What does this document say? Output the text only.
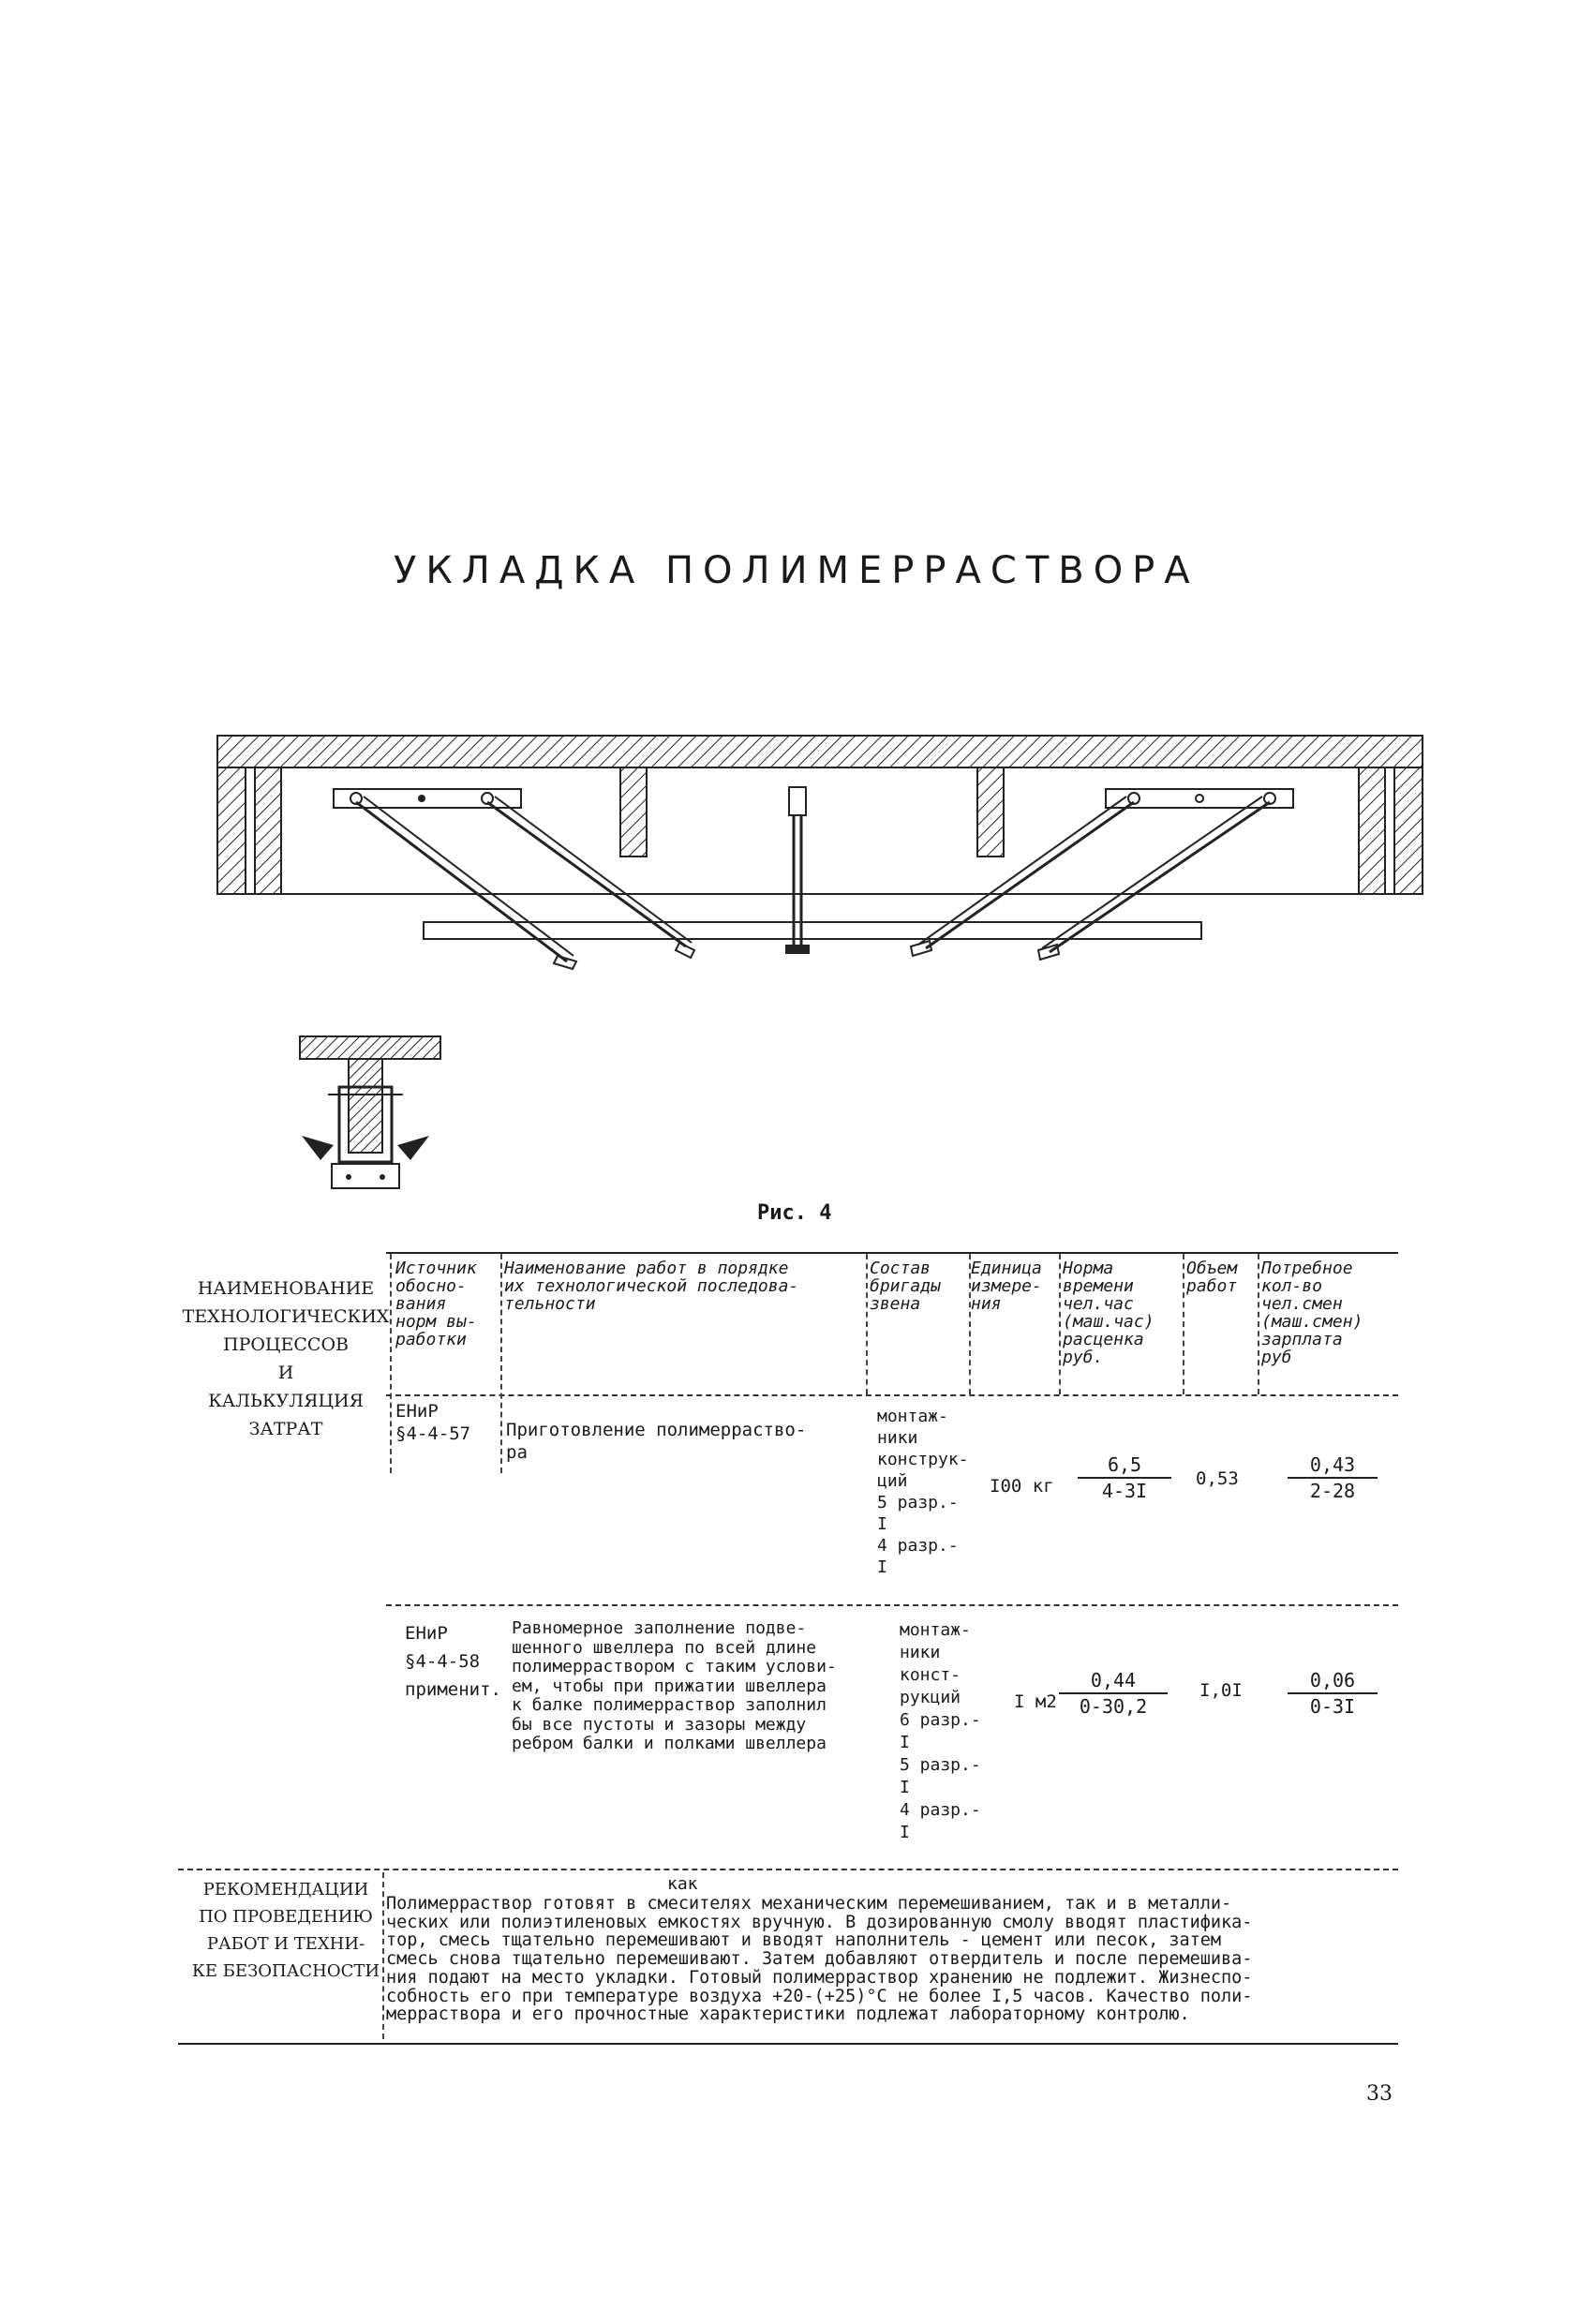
УКЛАДКА ПОЛИМЕРРАСТВОРА
Рис. 4
НАИМЕНОВАНИЕ
ТЕХНОЛОГИЧЕСКИХ
ПРОЦЕССОВ
И
КАЛЬКУЛЯЦИЯ
ЗАТРАТ
Источник
обосно-
вания
норм вы-
работки
Наименование работ в порядке
их технологической последова-
тельности
Состав
бригады
звена
Единица
измере-
ния
Норма
времени
чел.час
(маш.час)
расценка
руб.
Объем
работ
Потребное
кол-во
чел.смен
(маш.смен)
зарплата
руб
ЕНиР
§4-4-57	Приготовление полимерраство-
ра
монтаж-
ники
конструк-
ций
5 разр.-
I
4 разр.-
I
I00 кг $\frac{6,5}{4-3I} 0,53$	$\frac{0,43}{2-28}$
ЕНиР
§4-4-58
применит.
Равномерное заполнение подве-
шенного швеллера по всей длине
полимерраствором с таким услови-
ем, чтобы при прижатии швеллера
к балке полимерраствор заполнил
бы все пустоты и зазоры между
ребром балки и полками швеллера
монтаж-
ники
конст-
рукций
6 разр.-
I
5 разр.-
I
4 разр.-
I
I $м2 \frac{0,44}{0-30,2} I,0I \frac{0,06}{0-3I}$
РЕКОМЕНДАЦИИ
ПО ПРОВЕДЕНИЮ
РАБОТ И ТЕХНИ-
КЕ БЕЗОПАСНОСТИ
как
Полимерраствор готовят в смесителях механическим перемешиванием, так и в металли-
ческих или полиэтиленовых емкостях вручную. В дозированную смолу вводят пластифика-
тор, смесь тщательно перемешивают и вводят наполнитель - цемент или песок, затем
смесь снова тщательно перемешивают. Затем добавляют отвердитель и после перемешива-
ния подают на место укладки. Готовый полимерраствор хранению не подлежит. Жизнеспо-
собность его при температуре воздуха +20-(+25)°С не более I,5 часов. Качество поли-
мерраствора и его прочностные характеристики подлежат лабораторному контролю.
33
